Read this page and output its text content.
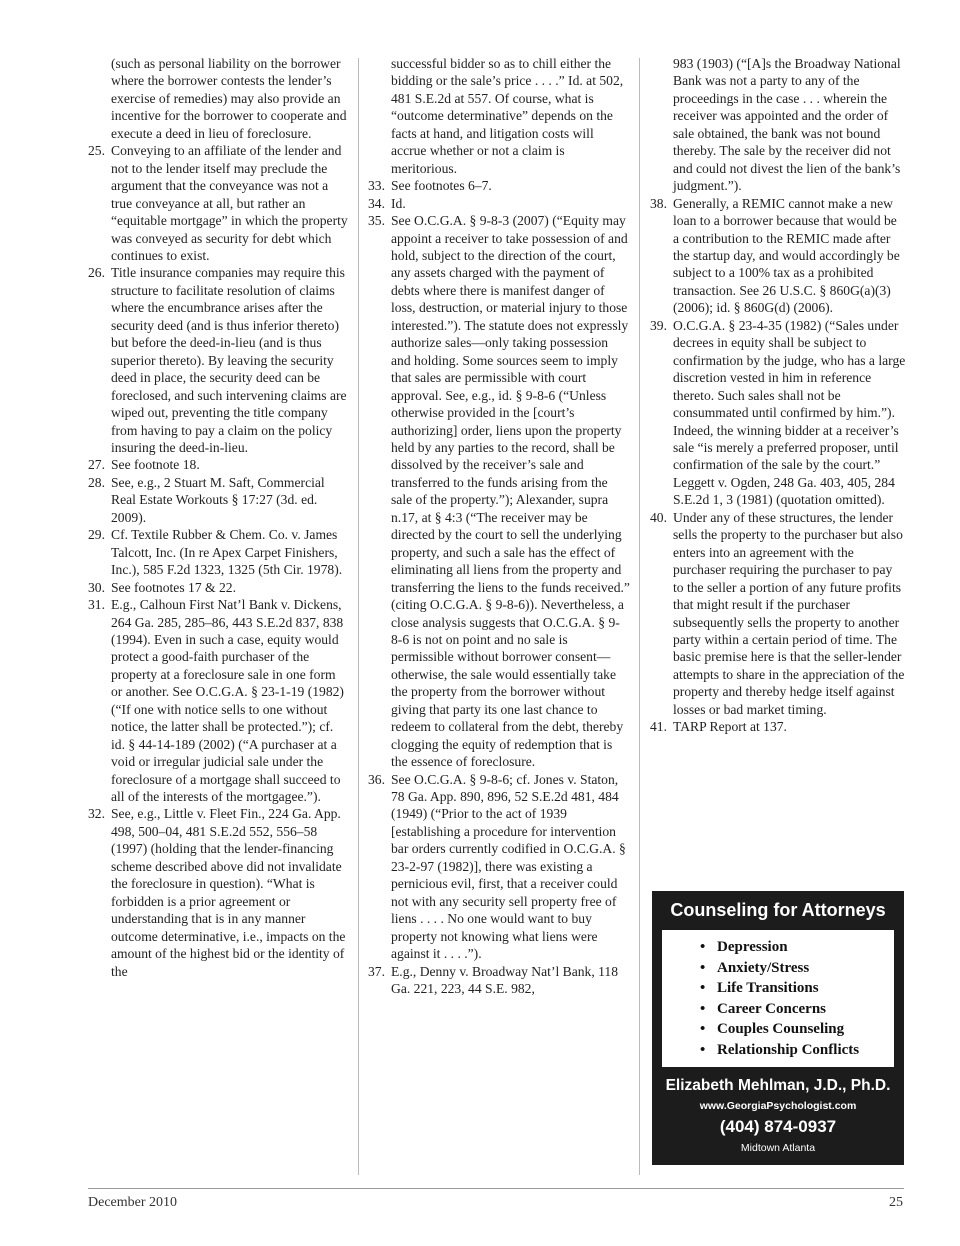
(such as personal liability on the borrower where the borrower contests the lender’s exercise of remedies) may also provide an incentive for the borrower to cooperate and execute a deed in lieu of foreclosure.
25. Conveying to an affiliate of the lender and not to the lender itself may preclude the argument that the conveyance was not a true conveyance at all, but rather an “equitable mortgage” in which the property was conveyed as security for debt which continues to exist.
26. Title insurance companies may require this structure to facilitate resolution of claims where the encumbrance arises after the security deed (and is thus inferior thereto) but before the deed-in-lieu (and is thus superior thereto). By leaving the security deed in place, the security deed can be foreclosed, and such intervening claims are wiped out, preventing the title company from having to pay a claim on the policy insuring the deed-in-lieu.
27. See footnote 18.
28. See, e.g., 2 Stuart M. Saft, Commercial Real Estate Workouts § 17:27 (3d. ed. 2009).
29. Cf. Textile Rubber & Chem. Co. v. James Talcott, Inc. (In re Apex Carpet Finishers, Inc.), 585 F.2d 1323, 1325 (5th Cir. 1978).
30. See footnotes 17 & 22.
31. E.g., Calhoun First Nat’l Bank v. Dickens, 264 Ga. 285, 285–86, 443 S.E.2d 837, 838 (1994). Even in such a case, equity would protect a good-faith purchaser of the property at a foreclosure sale in one form or another. See O.C.G.A. § 23-1-19 (1982) (“If one with notice sells to one without notice, the latter shall be protected.”); cf. id. § 44-14-189 (2002) (“A purchaser at a void or irregular judicial sale under the foreclosure of a mortgage shall succeed to all of the interests of the mortgagee.”).
32. See, e.g., Little v. Fleet Fin., 224 Ga. App. 498, 500–04, 481 S.E.2d 552, 556–58 (1997) (holding that the lender-financing scheme described above did not invalidate the foreclosure in question). “What is forbidden is a prior agreement or understanding that is in any manner outcome determinative, i.e., impacts on the amount of the highest bid or the identity of the
successful bidder so as to chill either the bidding or the sale’s price . . . .” Id. at 502, 481 S.E.2d at 557. Of course, what is “outcome determinative” depends on the facts at hand, and litigation costs will accrue whether or not a claim is meritorious.
33. See footnotes 6–7.
34. Id.
35. See O.C.G.A. § 9-8-3 (2007) (“Equity may appoint a receiver to take possession of and hold, subject to the direction of the court, any assets charged with the payment of debts where there is manifest danger of loss, destruction, or material injury to those interested.”). The statute does not expressly authorize sales—only taking possession and holding. Some sources seem to imply that sales are permissible with court approval. See, e.g., id. § 9-8-6 (“Unless otherwise provided in the [court’s authorizing] order, liens upon the property held by any parties to the record, shall be dissolved by the receiver’s sale and transferred to the funds arising from the sale of the property.”); Alexander, supra n.17, at § 4:3 (“The receiver may be directed by the court to sell the underlying property, and such a sale has the effect of eliminating all liens from the property and transferring the liens to the funds received.” (citing O.C.G.A. § 9-8-6)). Nevertheless, a close analysis suggests that O.C.G.A. § 9-8-6 is not on point and no sale is permissible without borrower consent—otherwise, the sale would essentially take the property from the borrower without giving that party its one last chance to redeem to collateral from the debt, thereby clogging the equity of redemption that is the essence of foreclosure.
36. See O.C.G.A. § 9-8-6; cf. Jones v. Staton, 78 Ga. App. 890, 896, 52 S.E.2d 481, 484 (1949) (“Prior to the act of 1939 [establishing a procedure for intervention bar orders currently codified in O.C.G.A. § 23-2-97 (1982)], there was existing a pernicious evil, first, that a receiver could not with any security sell property free of liens . . . . No one would want to buy property not knowing what liens were against it . . . .”).
37. E.g., Denny v. Broadway Nat’l Bank, 118 Ga. 221, 223, 44 S.E. 982,
983 (1903) (“[A]s the Broadway National Bank was not a party to any of the proceedings in the case . . . wherein the receiver was appointed and the order of sale obtained, the bank was not bound thereby. The sale by the receiver did not and could not divest the lien of the bank’s judgment.”).
38. Generally, a REMIC cannot make a new loan to a borrower because that would be a contribution to the REMIC made after the startup day, and would accordingly be subject to a 100% tax as a prohibited transaction. See 26 U.S.C. § 860G(a)(3) (2006); id. § 860G(d) (2006).
39. O.C.G.A. § 23-4-35 (1982) (“Sales under decrees in equity shall be subject to confirmation by the judge, who has a large discretion vested in him in reference thereto. Such sales shall not be consummated until confirmed by him.”). Indeed, the winning bidder at a receiver’s sale “is merely a preferred proposer, until confirmation of the sale by the court.” Leggett v. Ogden, 248 Ga. 403, 405, 284 S.E.2d 1, 3 (1981) (quotation omitted).
40. Under any of these structures, the lender sells the property to the purchaser but also enters into an agreement with the purchaser requiring the purchaser to pay to the seller a portion of any future profits that might result if the purchaser subsequently sells the property to another party within a certain period of time. The basic premise here is that the seller-lender attempts to share in the appreciation of the property and thereby hedge itself against losses or bad market timing.
41. TARP Report at 137.
Counseling for Attorneys
• Depression
• Anxiety/Stress
• Life Transitions
• Career Concerns
• Couples Counseling
• Relationship Conflicts
Elizabeth Mehlman, J.D., Ph.D.
www.GeorgiaPsychologist.com
(404) 874-0937
Midtown Atlanta
December 2010	25
